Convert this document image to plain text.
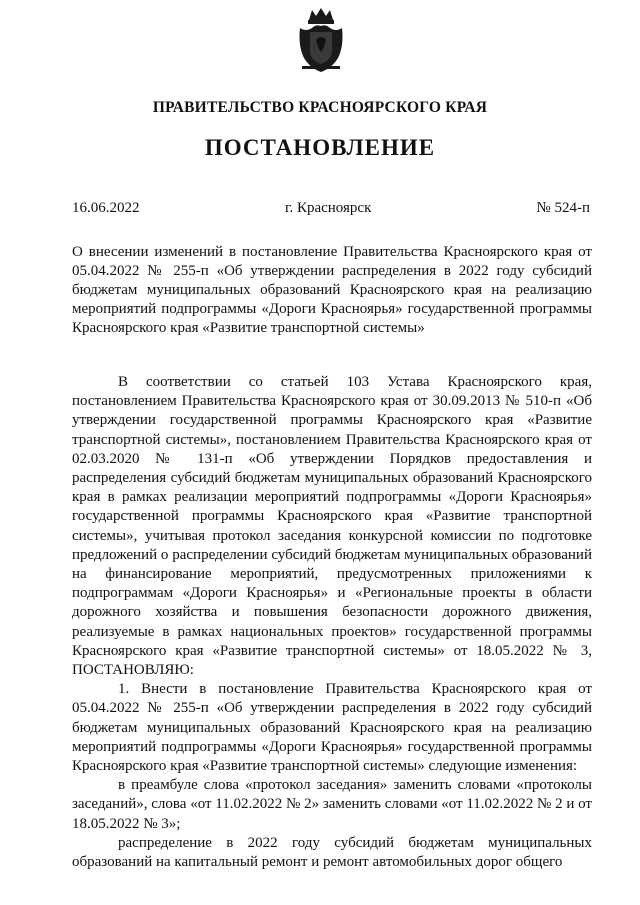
ПРАВИТЕЛЬСТВО КРАСНОЯРСКОГО КРАЯ
ПОСТАНОВЛЕНИЕ
16.06.2022	г. Красноярск	№ 524-п
О внесении изменений в постановление Правительства Красноярского края от 05.04.2022 № 255-п «Об утверждении распределения в 2022 году субсидий бюджетам муниципальных образований Красноярского края на реализацию мероприятий подпрограммы «Дороги Красноярья» государственной программы Красноярского края «Развитие транспортной системы»

В соответствии со статьей 103 Устава Красноярского края, постановлением Правительства Красноярского края от 30.09.2013 № 510-п «Об утверждении государственной программы Красноярского края «Развитие транспортной системы», постановлением Правительства Красноярского края от 02.03.2020 № 131-п «Об утверждении Порядков предоставления и распределения субсидий бюджетам муниципальных образований Красноярского края в рамках реализации мероприятий подпрограммы «Дороги Красноярья» государственной программы Красноярского края «Развитие транспортной системы», учитывая протокол заседания конкурсной комиссии по подготовке предложений о распределении субсидий бюджетам муниципальных образований на финансирование мероприятий, предусмотренных приложениями к подпрограммам «Дороги Красноярья» и «Региональные проекты в области дорожного хозяйства и повышения безопасности дорожного движения, реализуемые в рамках национальных проектов» государственной программы Красноярского края «Развитие транспортной системы» от 18.05.2022 № 3, ПОСТАНОВЛЯЮ:

1. Внести в постановление Правительства Красноярского края от 05.04.2022 № 255-п «Об утверждении распределения в 2022 году субсидий бюджетам муниципальных образований Красноярского края на реализацию мероприятий подпрограммы «Дороги Красноярья» государственной программы Красноярского края «Развитие транспортной системы» следующие изменения:

в преамбуле слова «протокол заседания» заменить словами «протоколы заседаний», слова «от 11.02.2022 № 2» заменить словами «от 11.02.2022 № 2 и от 18.05.2022 № 3»;

распределение в 2022 году субсидий бюджетам муниципальных образований на капитальный ремонт и ремонт автомобильных дорог общего
